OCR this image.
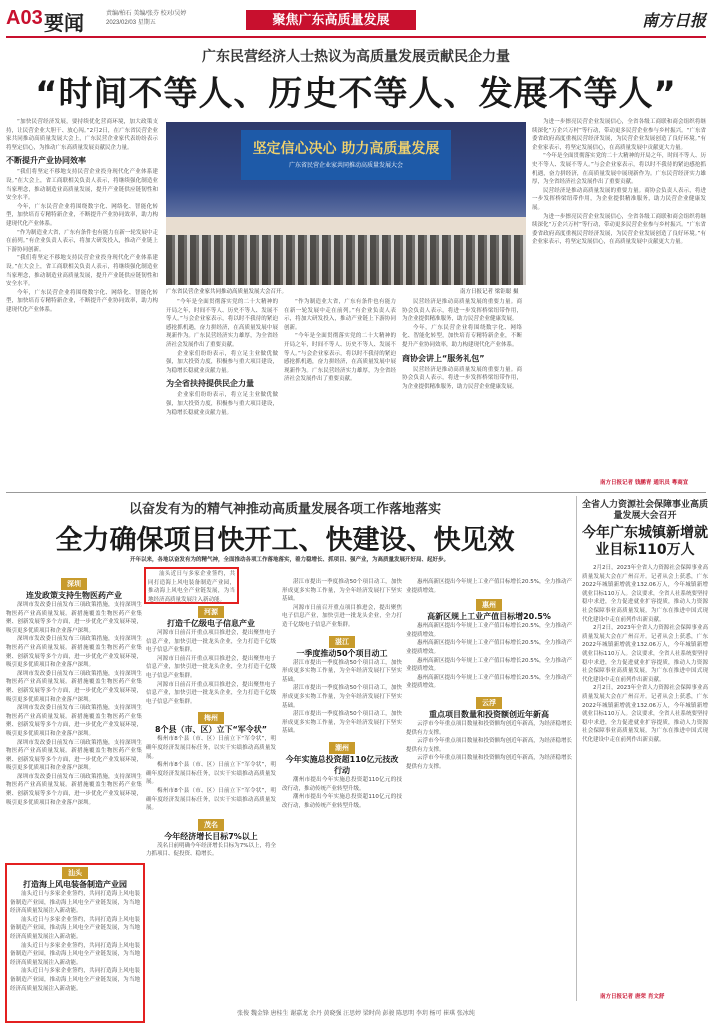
A03 要闻	责编/柏石 美编/张芬 校对/吴婷
2023/02/03 星期五	聚焦广东高质量发展	南方日报
广东民营经济人士热议为高质量发展贡献民企力量
“时间不等人、历史不等人、发展不等人”

“加快民营经济发展，要持续优化营商环境，加大政策支持，让民营企业大胆干、放心闯。”2月2日，在广东省民营企业家共同推动高质量发展大会上，广东民营企业家代表纷纷表示将坚定信心，为推动广东高质量发展贡献民企力量。

不断提升产业协同效率

“我们将坚定不移地支持民营企业投身现代化产业体系建设。”在大会上，省工商联相关负责人表示，将继续强化制造业当家理念，推动制造业高质量发展，提升产业链供应链韧性和安全水平。

今年，广东民营企业将围绕数字化、网络化、智能化转型，加快培育专精特新企业，不断提升产业协同效率，助力构建现代化产业体系。

“作为制造业大省，广东有条件也有能力在新一轮发展中走在前列。”有企业负责人表示，将加大研发投入，推动产业链上下游协同创新。

“我们将坚定不移地支持民营企业投身现代化产业体系建设。”在大会上，省工商联相关负责人表示，将继续强化制造业当家理念，推动制造业高质量发展，提升产业链供应链韧性和安全水平。

今年，广东民营企业将围绕数字化、网络化、智能化转型，加快培育专精特新企业，不断提升产业协同效率，助力构建现代化产业体系。

坚定信心决心 助力高质量发展
广东省民营企业家共同推动高质量发展大会
广东省民营企业家共同推动高质量发展大会召开。	南方日报记者 梁钜聪 摄

“今年是全面贯彻落实党的二十大精神的开局之年，时间不等人、历史不等人、发展不等人。”与会企业家表示，将以时不我待的紧迫感抢抓机遇，奋力拼经济，在高质量发展中展现新作为。广东民营经济实力雄厚，为全省经济社会发展作出了重要贡献。

企业家们纷纷表示，将立足主业做优做强，加大投资力度，积极参与重大项目建设，为稳增长稳就业贡献力量。

为全省扶持提供民企力量

企业家们纷纷表示，将立足主业做优做强，加大投资力度，积极参与重大项目建设，为稳增长稳就业贡献力量。

“作为制造业大省，广东有条件也有能力在新一轮发展中走在前列。”有企业负责人表示，将加大研发投入，推动产业链上下游协同创新。

“今年是全面贯彻落实党的二十大精神的开局之年，时间不等人、历史不等人、发展不等人。”与会企业家表示，将以时不我待的紧迫感抢抓机遇，奋力拼经济，在高质量发展中展现新作为。广东民营经济实力雄厚，为全省经济社会发展作出了重要贡献。

民营经济是推动高质量发展的重要力量。商协会负责人表示，将进一步发挥桥梁纽带作用，为企业提供精准服务，助力民营企业健康发展。

今年，广东民营企业将围绕数字化、网络化、智能化转型，加快培育专精特新企业，不断提升产业协同效率，助力构建现代化产业体系。

商协会讲上“服务礼包”

民营经济是推动高质量发展的重要力量。商协会负责人表示，将进一步发挥桥梁纽带作用，为企业提供精准服务，助力民营企业健康发展。

为进一步擦亮民营企业发展信心，全省各级工商联和商会组织将继续深化“万企兴万村”等行动，带动更多民营企业参与乡村振兴。“广东省委省政府高度重视民营经济发展，为民营企业发展创造了良好环境。”有企业家表示，将坚定发展信心，在高质量发展中贡献更大力量。

“今年是全面贯彻落实党的二十大精神的开局之年，时间不等人、历史不等人、发展不等人。”与会企业家表示，将以时不我待的紧迫感抢抓机遇，奋力拼经济，在高质量发展中展现新作为。广东民营经济实力雄厚，为全省经济社会发展作出了重要贡献。

民营经济是推动高质量发展的重要力量。商协会负责人表示，将进一步发挥桥梁纽带作用，为企业提供精准服务，助力民营企业健康发展。

为进一步擦亮民营企业发展信心，全省各级工商联和商会组织将继续深化“万企兴万村”等行动，带动更多民营企业参与乡村振兴。“广东省委省政府高度重视民营经济发展，为民营企业发展创造了良好环境。”有企业家表示，将坚定发展信心，在高质量发展中贡献更大力量。

南方日报记者 钱鹏青 通讯员 粤商宣
以奋发有为的精气神推动高质量发展各项工作落地落实
全力确保项目快开工、快建设、快见效
开年以来，各地以奋发有为的精气神，全面推动各项工作落地落实，着力稳增长、抓项目、强产业，为高质量发展开好局、起好步。
深圳
连发政策支持生物医药产业

深圳市发改委日前发布三项政策措施，支持深圳生物医药产业高质量发展。新措施覆盖生物医药产业集聚、创新发展等多个方面，进一步优化产业发展环境，吸引更多优质项目和企业落户深圳。

深圳市发改委日前发布三项政策措施，支持深圳生物医药产业高质量发展。新措施覆盖生物医药产业集聚、创新发展等多个方面，进一步优化产业发展环境，吸引更多优质项目和企业落户深圳。

深圳市发改委日前发布三项政策措施，支持深圳生物医药产业高质量发展。新措施覆盖生物医药产业集聚、创新发展等多个方面，进一步优化产业发展环境，吸引更多优质项目和企业落户深圳。

深圳市发改委日前发布三项政策措施，支持深圳生物医药产业高质量发展。新措施覆盖生物医药产业集聚、创新发展等多个方面，进一步优化产业发展环境，吸引更多优质项目和企业落户深圳。

深圳市发改委日前发布三项政策措施，支持深圳生物医药产业高质量发展。新措施覆盖生物医药产业集聚、创新发展等多个方面，进一步优化产业发展环境，吸引更多优质项目和企业落户深圳。

深圳市发改委日前发布三项政策措施，支持深圳生物医药产业高质量发展。新措施覆盖生物医药产业集聚、创新发展等多个方面，进一步优化产业发展环境，吸引更多优质项目和企业落户深圳。

汕头
打造海上风电装备制造产业园

汕头近日与多家企业签约，共同打造海上风电装备制造产业园，推动海上风电全产业链发展，为当地经济高质量发展注入新动能。

汕头近日与多家企业签约，共同打造海上风电装备制造产业园，推动海上风电全产业链发展，为当地经济高质量发展注入新动能。

汕头近日与多家企业签约，共同打造海上风电装备制造产业园，推动海上风电全产业链发展，为当地经济高质量发展注入新动能。

汕头近日与多家企业签约，共同打造海上风电装备制造产业园，推动海上风电全产业链发展，为当地经济高质量发展注入新动能。

汕头近日与多家企业签约，共同打造海上风电装备制造产业园，推动海上风电全产业链发展，为当地经济高质量发展注入新动能。

河源
打造千亿级电子信息产业

河源市日前召开重点项目推进会，提出聚焦电子信息产业，加快引进一批龙头企业，全力打造千亿级电子信息产业集群。

河源市日前召开重点项目推进会，提出聚焦电子信息产业，加快引进一批龙头企业，全力打造千亿级电子信息产业集群。

河源市日前召开重点项目推进会，提出聚焦电子信息产业，加快引进一批龙头企业，全力打造千亿级电子信息产业集群。

梅州
8个县（市、区）立下“军令状”

梅州市8个县（市、区）日前立下“军令状”，明确年度经济发展目标任务，以实干实绩推动高质量发展。

梅州市8个县（市、区）日前立下“军令状”，明确年度经济发展目标任务，以实干实绩推动高质量发展。

梅州市8个县（市、区）日前立下“军令状”，明确年度经济发展目标任务，以实干实绩推动高质量发展。

茂名
今年经济增长目标7%以上

茂名日前明确今年经济增长目标为7%以上，将全力抓项目、促投资、稳增长。

湛江市提出一季度推动50个项目动工，加快形成更多实物工作量，为全年经济发展打下坚实基础。

河源市日前召开重点项目推进会，提出聚焦电子信息产业，加快引进一批龙头企业，全力打造千亿级电子信息产业集群。

湛江
一季度推动50个项目动工

湛江市提出一季度推动50个项目动工，加快形成更多实物工作量，为全年经济发展打下坚实基础。

湛江市提出一季度推动50个项目动工，加快形成更多实物工作量，为全年经济发展打下坚实基础。

湛江市提出一季度推动50个项目动工，加快形成更多实物工作量，为全年经济发展打下坚实基础。

潮州
今年实施总投资超110亿元技改行动

潮州市提出今年实施总投资超110亿元的技改行动，推动传统产业转型升级。

潮州市提出今年实施总投资超110亿元的技改行动，推动传统产业转型升级。

惠州高新区提出今年规上工业产值目标增长20.5%，全力推动产业提质增效。

惠州
高新区规上工业产值目标增20.5%

惠州高新区提出今年规上工业产值目标增长20.5%，全力推动产业提质增效。

惠州高新区提出今年规上工业产值目标增长20.5%，全力推动产业提质增效。

惠州高新区提出今年规上工业产值目标增长20.5%，全力推动产业提质增效。

惠州高新区提出今年规上工业产值目标增长20.5%，全力推动产业提质增效。

云浮
重点项目数量和投资额创近年新高

云浮市今年重点项目数量和投资额均创近年新高，为经济稳增长提供有力支撑。

云浮市今年重点项目数量和投资额均创近年新高，为经济稳增长提供有力支撑。

云浮市今年重点项目数量和投资额均创近年新高，为经济稳增长提供有力支撑。

全省人力资源社会保障事业高质量发展大会召开
今年广东城镇新增就业目标110万人

2月2日，2023年全省人力资源社会保障事业高质量发展大会在广州召开。记者从会上获悉，广东2022年城镇新增就业132.06万人，今年城镇新增就业目标110万人。会议要求，全省人社系统要坚持稳中求进，全力促进就业扩容提质，推动人力资源社会保障事业高质量发展，为广东在推进中国式现代化建设中走在前列作出新贡献。

2月2日，2023年全省人力资源社会保障事业高质量发展大会在广州召开。记者从会上获悉，广东2022年城镇新增就业132.06万人，今年城镇新增就业目标110万人。会议要求，全省人社系统要坚持稳中求进，全力促进就业扩容提质，推动人力资源社会保障事业高质量发展，为广东在推进中国式现代化建设中走在前列作出新贡献。

2月2日，2023年全省人力资源社会保障事业高质量发展大会在广州召开。记者从会上获悉，广东2022年城镇新增就业132.06万人，今年城镇新增就业目标110万人。会议要求，全省人社系统要坚持稳中求进，全力促进就业扩容提质，推动人力资源社会保障事业高质量发展，为广东在推进中国式现代化建设中走在前列作出新贡献。

南方日报记者 唐荣 肖文舒
张俊 魏金锋 唐桂生 谢嘉龙 余丹 黄晓强 汪思婷 梁时尚 彭骏 陈思明 李玥 杨可 崔琪 张冰纯
